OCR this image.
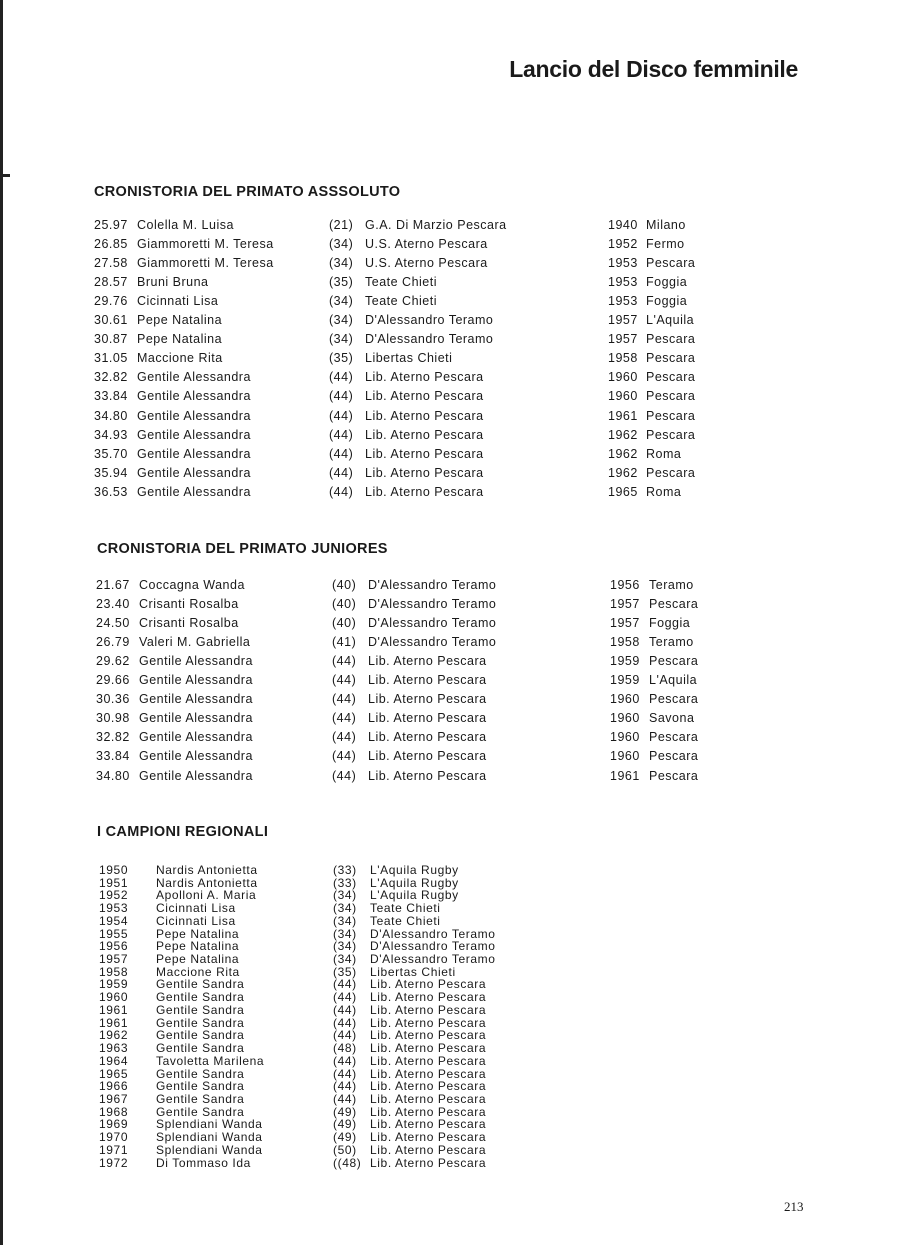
Lancio del Disco femminile
CRONISTORIA DEL PRIMATO ASSSOLUTO
25.97 Colella M. Luisa	(21) G.A. Di Marzio Pescara	1940 Milano
26.85 Giammoretti M. Teresa	(34) U.S. Aterno Pescara	1952 Fermo
27.58 Giammoretti M. Teresa	(34) U.S. Aterno Pescara	1953 Pescara
28.57 Bruni Bruna	(35) Teate Chieti	1953 Foggia
29.76 Cicinnati Lisa	(34) Teate Chieti	1953 Foggia
30.61 Pepe Natalina	(34) D'Alessandro Teramo	1957 L'Aquila
30.87 Pepe Natalina	(34) D'Alessandro Teramo	1957 Pescara
31.05 Maccione Rita	(35) Libertas Chieti	1958 Pescara
32.82 Gentile Alessandra	(44) Lib. Aterno Pescara	1960 Pescara
33.84 Gentile Alessandra	(44) Lib. Aterno Pescara	1960 Pescara
34.80 Gentile Alessandra	(44) Lib. Aterno Pescara	1961 Pescara
34.93 Gentile Alessandra	(44) Lib. Aterno Pescara	1962 Pescara
35.70 Gentile Alessandra	(44) Lib. Aterno Pescara	1962 Roma
35.94 Gentile Alessandra	(44) Lib. Aterno Pescara	1962 Pescara
36.53 Gentile Alessandra	(44) Lib. Aterno Pescara	1965 Roma
CRONISTORIA DEL PRIMATO JUNIORES
21.67 Coccagna Wanda	(40) D'Alessandro Teramo	1956 Teramo
23.40 Crisanti Rosalba	(40) D'Alessandro Teramo	1957 Pescara
24.50 Crisanti Rosalba	(40) D'Alessandro Teramo	1957 Foggia
26.79 Valeri M. Gabriella	(41) D'Alessandro Teramo	1958 Teramo
29.62 Gentile Alessandra	(44) Lib. Aterno Pescara	1959 Pescara
29.66 Gentile Alessandra	(44) Lib. Aterno Pescara	1959 L'Aquila
30.36 Gentile Alessandra	(44) Lib. Aterno Pescara	1960 Pescara
30.98 Gentile Alessandra	(44) Lib. Aterno Pescara	1960 Savona
32.82 Gentile Alessandra	(44) Lib. Aterno Pescara	1960 Pescara
33.84 Gentile Alessandra	(44) Lib. Aterno Pescara	1960 Pescara
34.80 Gentile Alessandra	(44) Lib. Aterno Pescara	1961 Pescara
I CAMPIONI REGIONALI
1950 Nardis Antonietta	(33) L'Aquila Rugby
1951 Nardis Antonietta	(33) L'Aquila Rugby
1952 Apolloni A. Maria	(34) L'Aquila Rugby
1953 Cicinnati Lisa	(34) Teate Chieti
1954 Cicinnati Lisa	(34) Teate Chieti
1955 Pepe Natalina	(34) D'Alessandro Teramo
1956 Pepe Natalina	(34) D'Alessandro Teramo
1957 Pepe Natalina	(34) D'Alessandro Teramo
1958 Maccione Rita	(35) Libertas Chieti
1959 Gentile Sandra	(44) Lib. Aterno Pescara
1960 Gentile Sandra	(44) Lib. Aterno Pescara
1961 Gentile Sandra	(44) Lib. Aterno Pescara
1961 Gentile Sandra	(44) Lib. Aterno Pescara
1962 Gentile Sandra	(44) Lib. Aterno Pescara
1963 Gentile Sandra	(48) Lib. Aterno Pescara
1964 Tavoletta Marilena	(44) Lib. Aterno Pescara
1965 Gentile Sandra	(44) Lib. Aterno Pescara
1966 Gentile Sandra	(44) Lib. Aterno Pescara
1967 Gentile Sandra	(44) Lib. Aterno Pescara
1968 Gentile Sandra	(49) Lib. Aterno Pescara
1969 Splendiani Wanda	(49) Lib. Aterno Pescara
1970 Splendiani Wanda	(49) Lib. Aterno Pescara
1971 Splendiani Wanda	(50) Lib. Aterno Pescara
1972 Di Tommaso Ida	((48) Lib. Aterno Pescara
213
